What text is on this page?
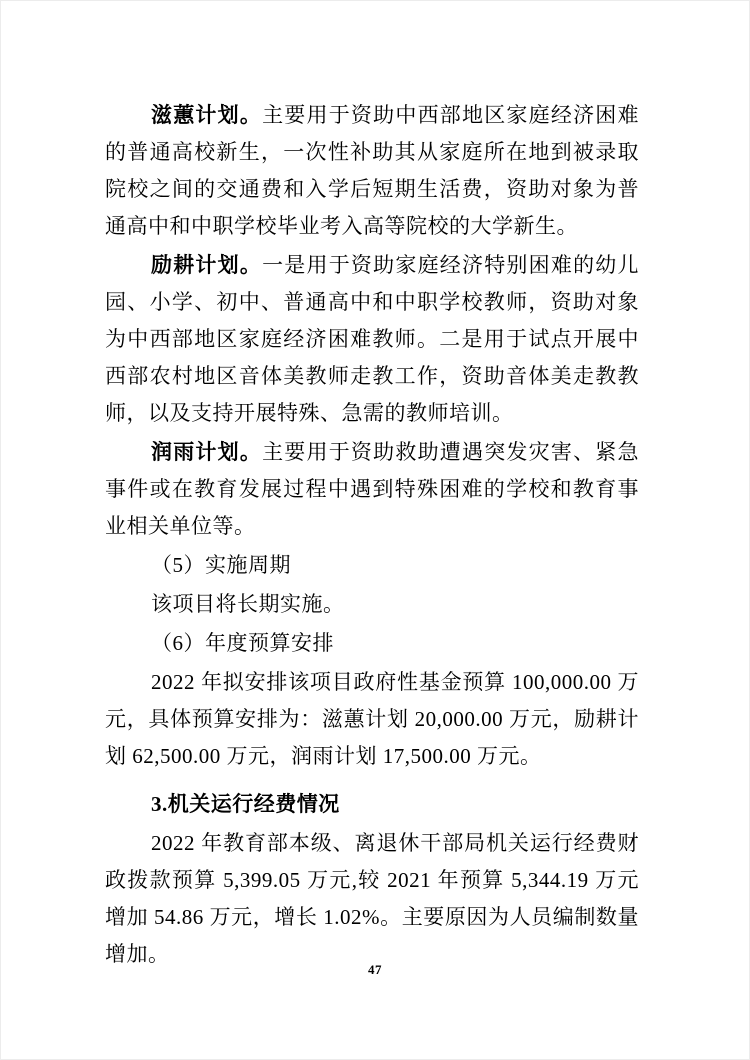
滋蕙计划。主要用于资助中西部地区家庭经济困难的普通高校新生，一次性补助其从家庭所在地到被录取院校之间的交通费和入学后短期生活费，资助对象为普通高中和中职学校毕业考入高等院校的大学新生。

励耕计划。一是用于资助家庭经济特别困难的幼儿园、小学、初中、普通高中和中职学校教师，资助对象为中西部地区家庭经济困难教师。二是用于试点开展中西部农村地区音体美教师走教工作，资助音体美走教教师，以及支持开展特殊、急需的教师培训。

润雨计划。主要用于资助救助遭遇突发灾害、紧急事件或在教育发展过程中遇到特殊困难的学校和教育事业相关单位等。

（5）实施周期

该项目将长期实施。

（6）年度预算安排

2022 年拟安排该项目政府性基金预算 100,000.00 万元，具体预算安排为：滋蕙计划 20,000.00 万元，励耕计划 62,500.00 万元，润雨计划 17,500.00 万元。

3.机关运行经费情况

2022 年教育部本级、离退休干部局机关运行经费财政拨款预算 5,399.05 万元,较 2021 年预算 5,344.19 万元增加 54.86 万元，增长 1.02%。主要原因为人员编制数量增加。

47
